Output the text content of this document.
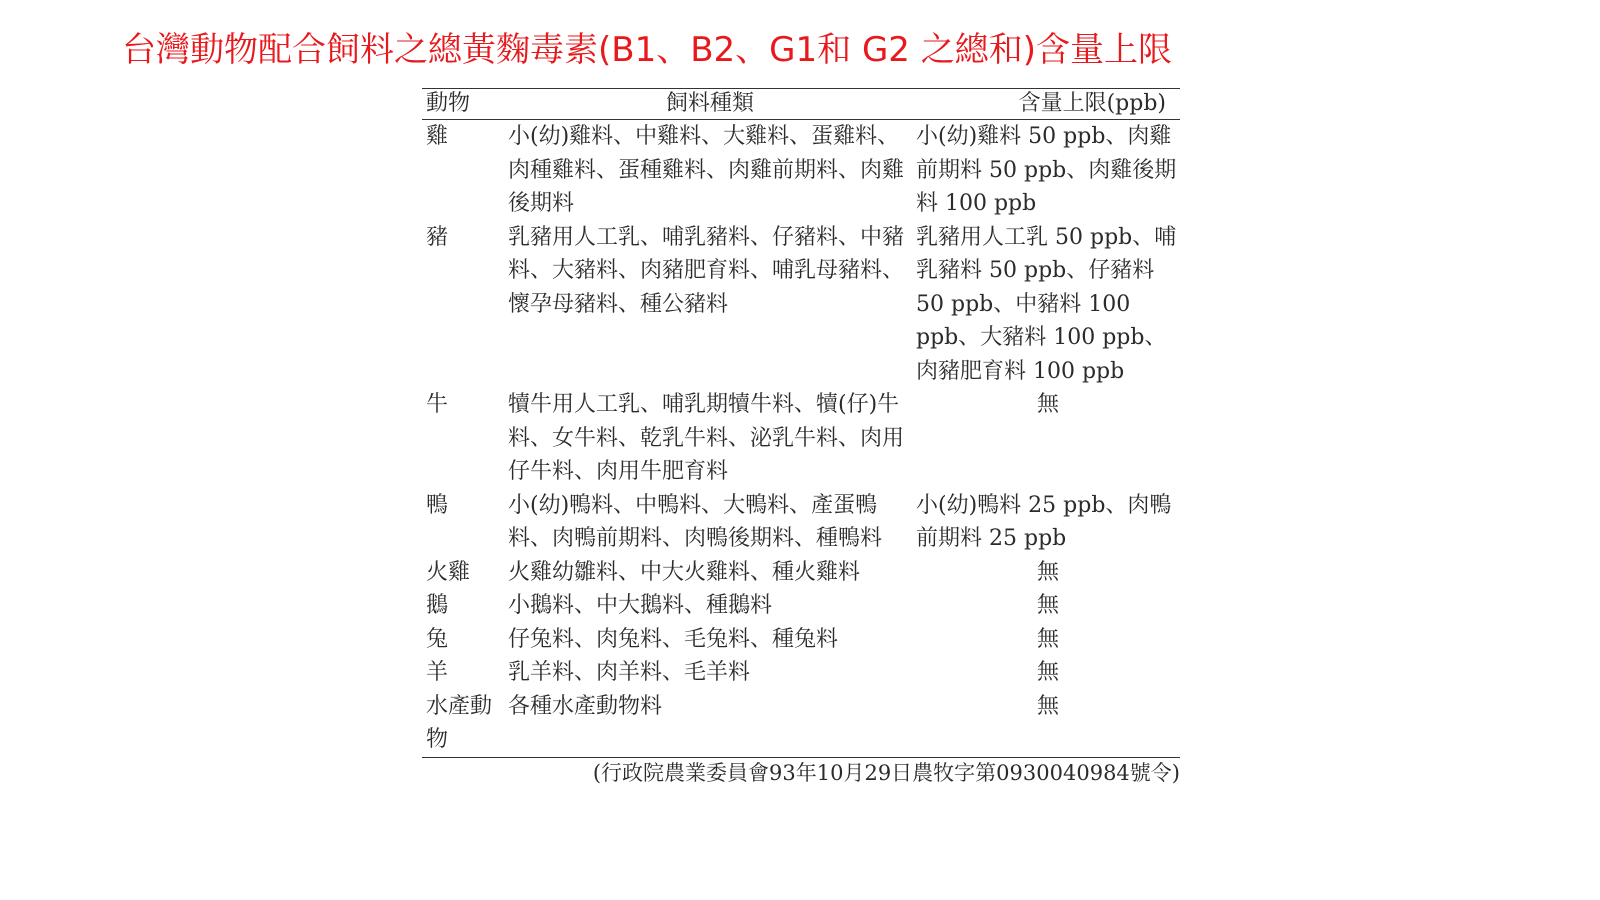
台灣動物配合飼料之總黃麴毒素(B1、B2、G1和 G2 之總和)含量上限
動物	飼料種類	含量上限(ppb)
雞	小(幼)雞料、中雞料、大雞料、蛋雞料、肉種雞料、蛋種雞料、肉雞前期料、肉雞後期料	小(幼)雞料 50 ppb、肉雞前期料 50 ppb、肉雞後期料 100 ppb
豬	乳豬用人工乳、哺乳豬料、仔豬料、中豬料、大豬料、肉豬肥育料、哺乳母豬料、懷孕母豬料、種公豬料	乳豬用人工乳 50 ppb、哺乳豬料 50 ppb、仔豬料 50 ppb、中豬料 100 ppb、大豬料 100 ppb、肉豬肥育料 100 ppb
牛	犢牛用人工乳、哺乳期犢牛料、犢(仔)牛料、女牛料、乾乳牛料、泌乳牛料、肉用仔牛料、肉用牛肥育料	無
鴨	小(幼)鴨料、中鴨料、大鴨料、產蛋鴨料、肉鴨前期料、肉鴨後期料、種鴨料	小(幼)鴨料 25 ppb、肉鴨前期料 25 ppb
火雞	火雞幼雛料、中大火雞料、種火雞料	無
鵝	小鵝料、中大鵝料、種鵝料	無
兔	仔兔料、肉兔料、毛兔料、種兔料	無
羊	乳羊料、肉羊料、毛羊料	無
水產動物	各種水產動物料	無
(行政院農業委員會93年10月29日農牧字第0930040984號令)
